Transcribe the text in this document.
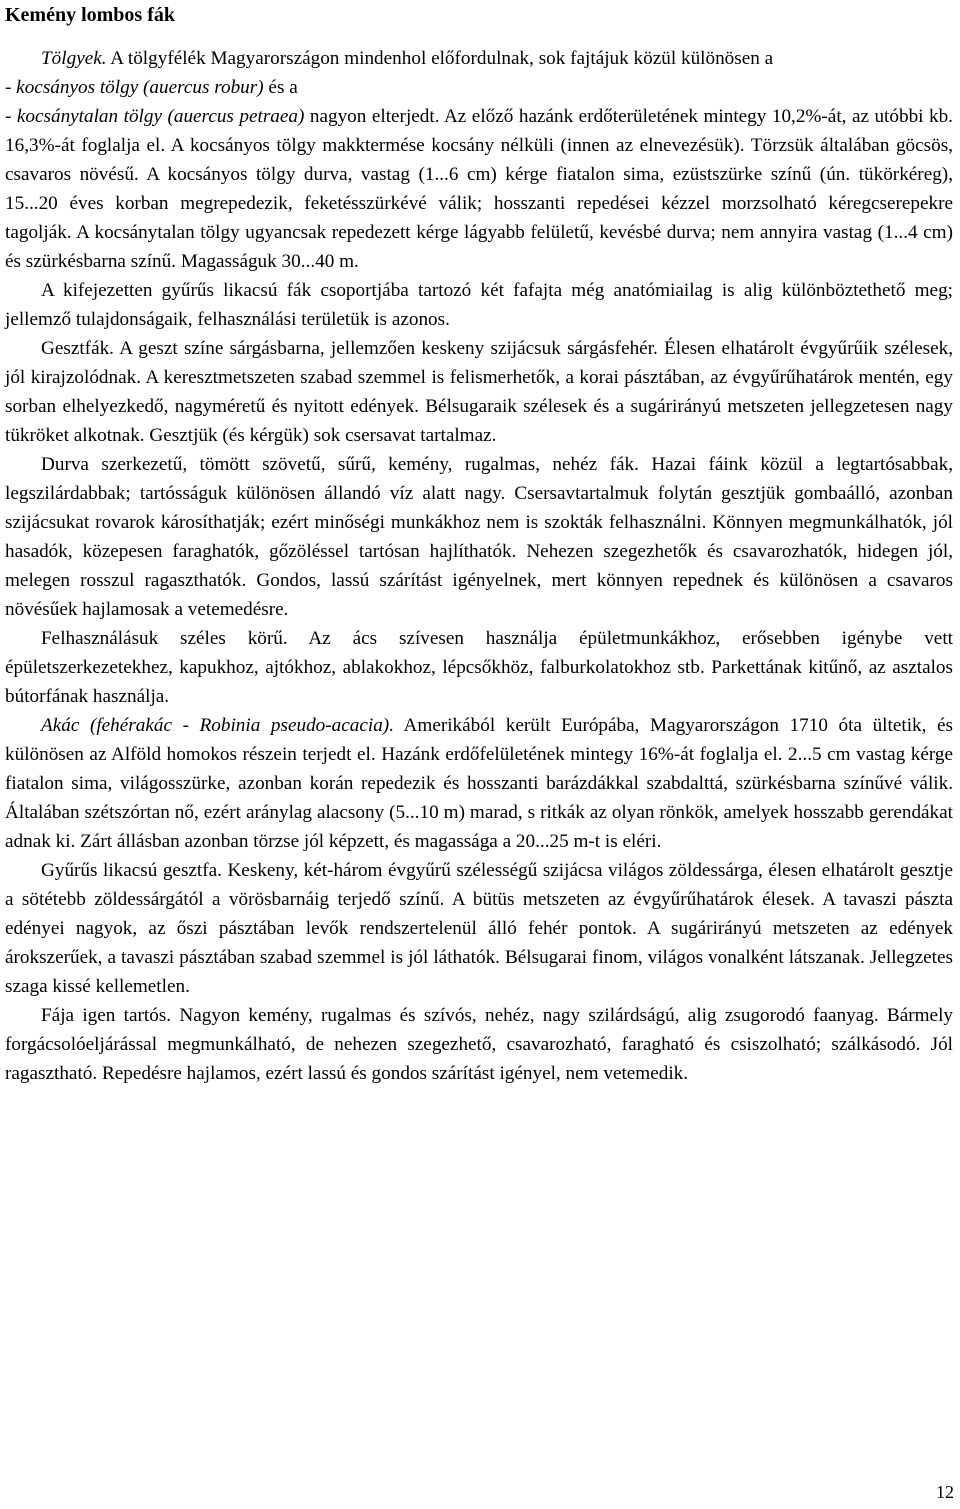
Kemény lombos fák

Tölgyek. A tölgyfélék Magyarországon mindenhol előfordulnak, sok fajtájuk közül különösen a

- kocsányos tölgy (auercus robur) és a

- kocsánytalan tölgy (auercus petraea) nagyon elterjedt. Az előző hazánk erdőterületének mintegy 10,2%-át, az utóbbi kb. 16,3%-át foglalja el. A kocsányos tölgy makktermése kocsány nélküli (innen az elnevezésük). Törzsük általában göcsös, csavaros növésű. A kocsányos tölgy durva, vastag (1...6 cm) kérge fiatalon sima, ezüstszürke színű (ún. tükörkéreg), 15...20 éves korban megrepedezik, feketésszürkévé válik; hosszanti repedései kézzel morzsolható kéregcserepekre tagolják. A kocsánytalan tölgy ugyancsak repedezett kérge lágyabb felületű, kevésbé durva; nem annyira vastag (1...4 cm) és szürkésbarna színű. Magasságuk 30...40 m.

A kifejezetten gyűrűs likacsú fák csoportjába tartozó két fafajta még anatómiailag is alig különböztethető meg; jellemző tulajdonságaik, felhasználási területük is azonos.

Gesztfák. A geszt színe sárgásbarna, jellemzően keskeny szijácsuk sárgásfehér. Élesen elhatárolt évgyűrűik szélesek, jól kirajzolódnak. A keresztmetszeten szabad szemmel is felismerhetők, a korai pásztában, az évgyűrűhatárok mentén, egy sorban elhelyezkedő, nagyméretű és nyitott edények. Bélsugaraik szélesek és a sugárirányú metszeten jellegzetesen nagy tükröket alkotnak. Gesztjük (és kérgük) sok csersavat tartalmaz.

Durva szerkezetű, tömött szövetű, sűrű, kemény, rugalmas, nehéz fák. Hazai fáink közül a legtartósabbak, legszilárdabbak; tartósságuk különösen állandó víz alatt nagy. Csersavtartalmuk folytán gesztjük gombaálló, azonban szijácsukat rovarok károsíthatják; ezért minőségi munkákhoz nem is szokták felhasználni. Könnyen megmunkálhatók, jól hasadók, közepesen faraghatók, gőzöléssel tartósan hajlíthatók. Nehezen szegezhetők és csavarozhatók, hidegen jól, melegen rosszul ragaszthatók. Gondos, lassú szárítást igényelnek, mert könnyen repednek és különösen a csavaros növésűek hajlamosak a vetemedésre.

Felhasználásuk széles körű. Az ács szívesen használja épületmunkákhoz, erősebben igénybe vett épületszerkezetekhez, kapukhoz, ajtókhoz, ablakokhoz, lépcsőkhöz, falburkolatokhoz stb. Parkettának kitűnő, az asztalos bútorfának használja.

Akác (fehérakác - Robinia pseudo-acacia). Amerikából került Európába, Magyarországon 1710 óta ültetik, és különösen az Alföld homokos részein terjedt el. Hazánk erdőfelületének mintegy 16%-át foglalja el. 2...5 cm vastag kérge fiatalon sima, világosszürke, azonban korán repedezik és hosszanti barázdákkal szabdalttá, szürkésbarna színűvé válik. Általában szétszórtan nő, ezért aránylag alacsony (5...10 m) marad, s ritkák az olyan rönkök, amelyek hosszabb gerendákat adnak ki. Zárt állásban azonban törzse jól képzett, és magassága a 20...25 m-t is eléri.

Gyűrűs likacsú gesztfa. Keskeny, két-három évgyűrű szélességű szijácsa világos zöldessárga, élesen elhatárolt gesztje a sötétebb zöldessárgától a vörösbarnáig terjedő színű. A bütüs metszeten az évgyűrűhatárok élesek. A tavaszi pászta edényei nagyok, az őszi pásztában levők rendszertelenül álló fehér pontok. A sugárirányú metszeten az edények árokszerűek, a tavaszi pásztában szabad szemmel is jól láthatók. Bélsugarai finom, világos vonalként látszanak. Jellegzetes szaga kissé kellemetlen.

Fája igen tartós. Nagyon kemény, rugalmas és szívós, nehéz, nagy szilárdságú, alig zsugorodó faanyag. Bármely forgácsolóeljárással megmunkálható, de nehezen szegezhető, csavarozható, faragható és csiszolható; szálkásodó. Jól ragasztható. Repedésre hajlamos, ezért lassú és gondos szárítást igényel, nem vetemedik.

12
